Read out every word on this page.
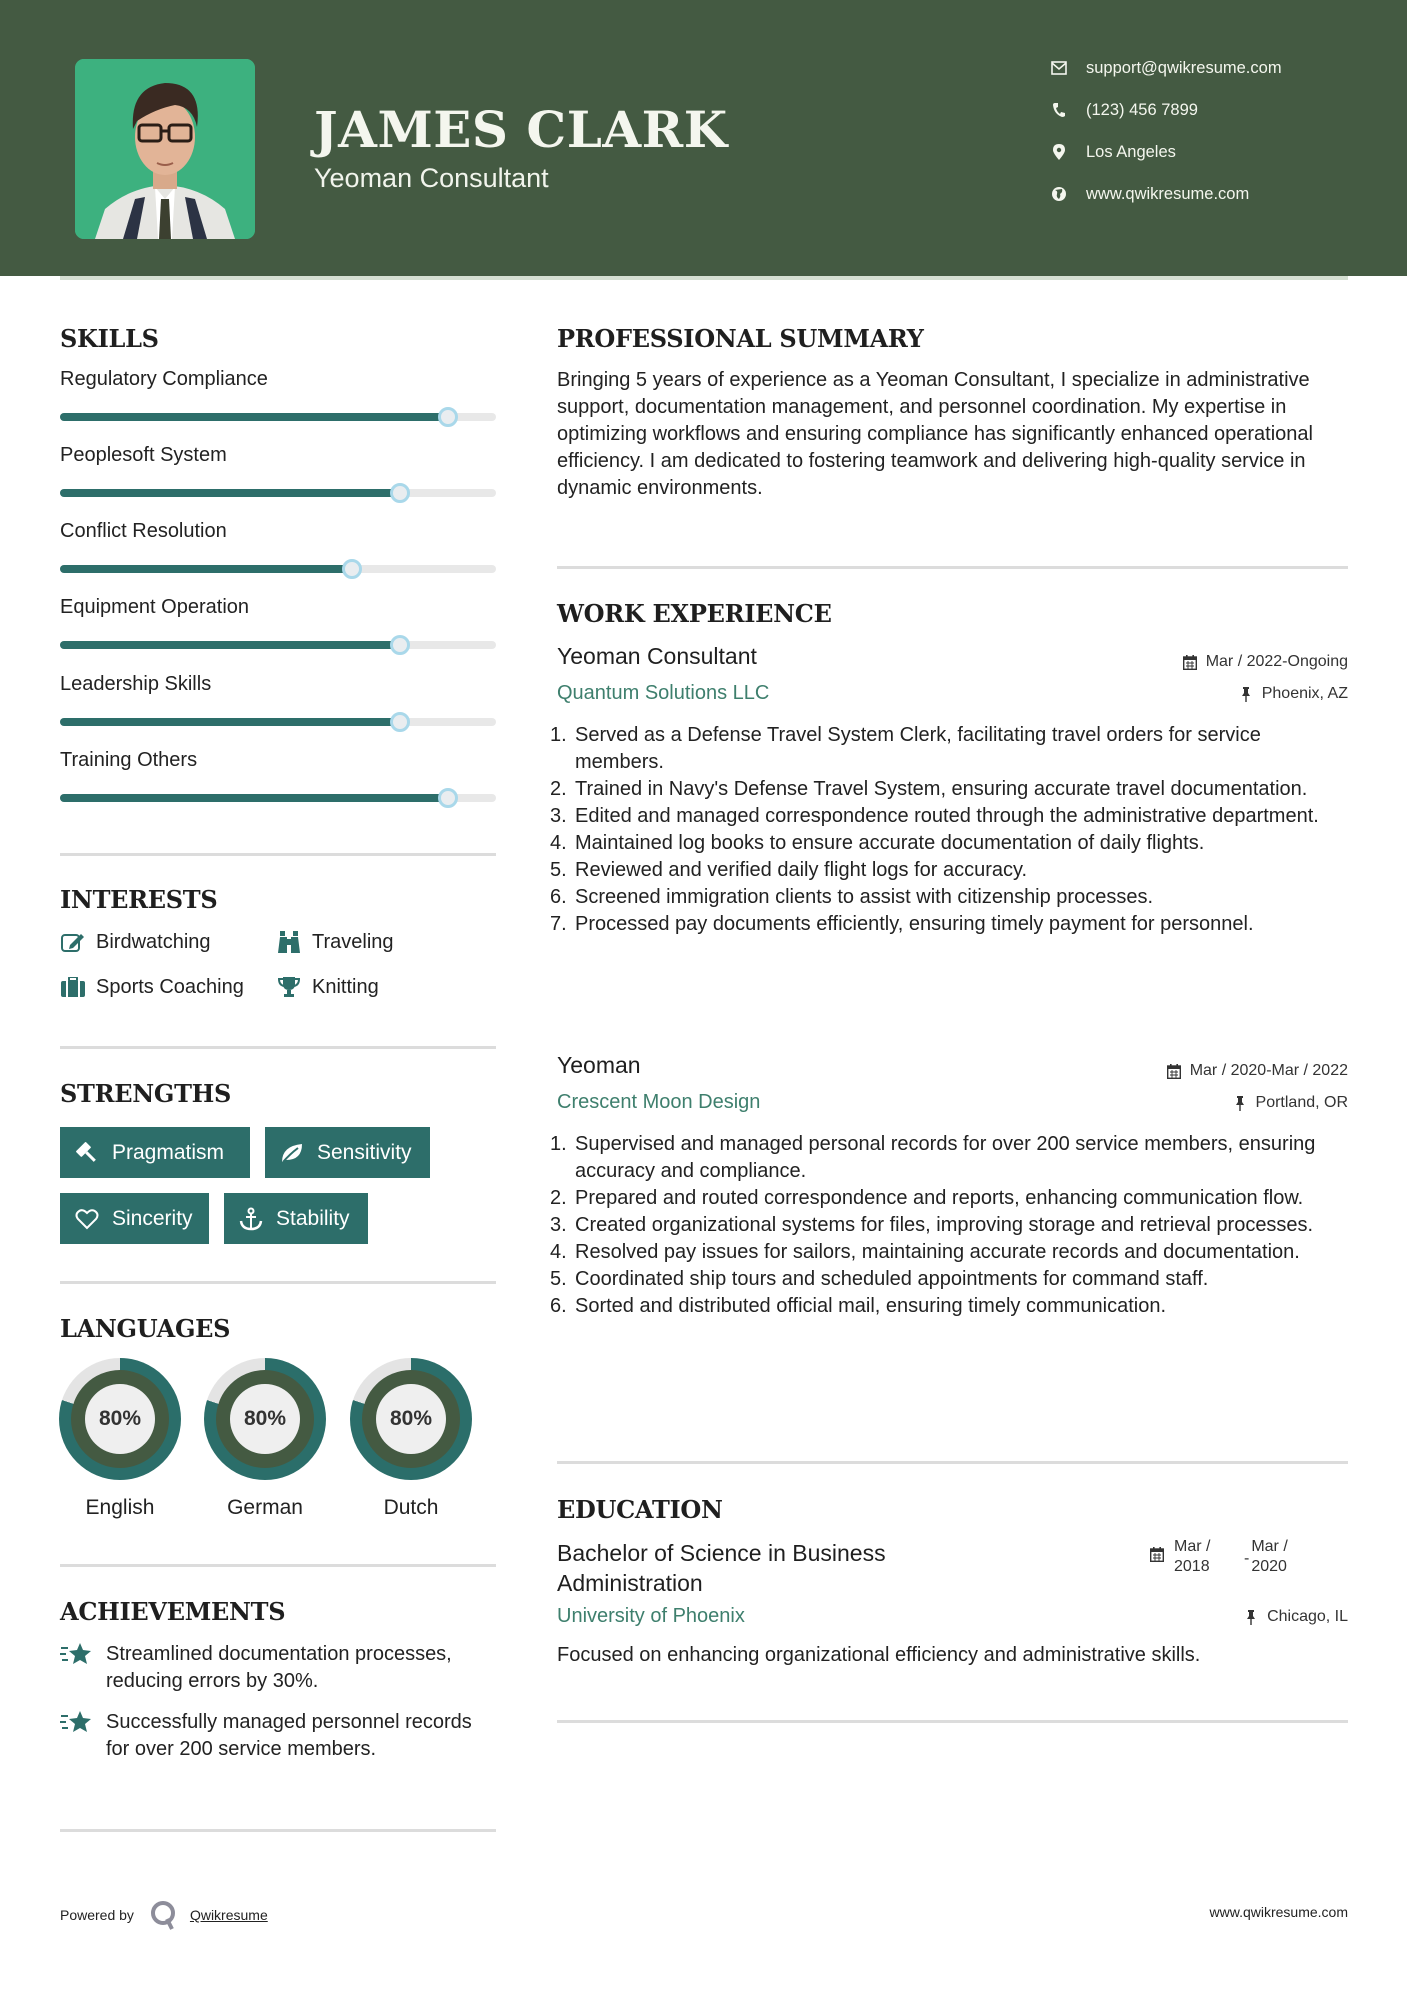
JAMES CLARK
Yeoman Consultant
support@qwikresume.com
(123) 456 7899
Los Angeles
www.qwikresume.com
SKILLS
Regulatory Compliance
Peoplesoft System
Conflict Resolution
Equipment Operation
Leadership Skills
Training Others
INTERESTS
Birdwatching	Traveling
Sports Coaching	Knitting
STRENGTHS
Pragmatism	Sensitivity
Sincerity	Stability
LANGUAGES
80%
English
80%
German
80%
Dutch
ACHIEVEMENTS
Streamlined documentation processes, reducing errors by 30%.
Successfully managed personnel records for over 200 service members.
PROFESSIONAL SUMMARY
Bringing 5 years of experience as a Yeoman Consultant, I specialize in administrative support, documentation management, and personnel coordination. My expertise in optimizing workflows and ensuring compliance has significantly enhanced operational efficiency. I am dedicated to fostering teamwork and delivering high-quality service in dynamic environments.
WORK EXPERIENCE
Yeoman Consultant	Mar / 2022-Ongoing
Quantum Solutions LLC	Phoenix, AZ
1. Served as a Defense Travel System Clerk, facilitating travel orders for service members.
2. Trained in Navy's Defense Travel System, ensuring accurate travel documentation.
3. Edited and managed correspondence routed through the administrative department.
4. Maintained log books to ensure accurate documentation of daily flights.
5. Reviewed and verified daily flight logs for accuracy.
6. Screened immigration clients to assist with citizenship processes.
7. Processed pay documents efficiently, ensuring timely payment for personnel.
Yeoman	Mar / 2020-Mar / 2022
Crescent Moon Design	Portland, OR
1. Supervised and managed personal records for over 200 service members, ensuring accuracy and compliance.
2. Prepared and routed correspondence and reports, enhancing communication flow.
3. Created organizational systems for files, improving storage and retrieval processes.
4. Resolved pay issues for sailors, maintaining accurate records and documentation.
5. Coordinated ship tours and scheduled appointments for command staff.
6. Sorted and distributed official mail, ensuring timely communication.
EDUCATION
Bachelor of Science in Business Administration
Mar / 2018	-
Mar / 2020
University of Phoenix	Chicago, IL
Focused on enhancing organizational efficiency and administrative skills.
Powered by	Qwikresume	www.qwikresume.com
